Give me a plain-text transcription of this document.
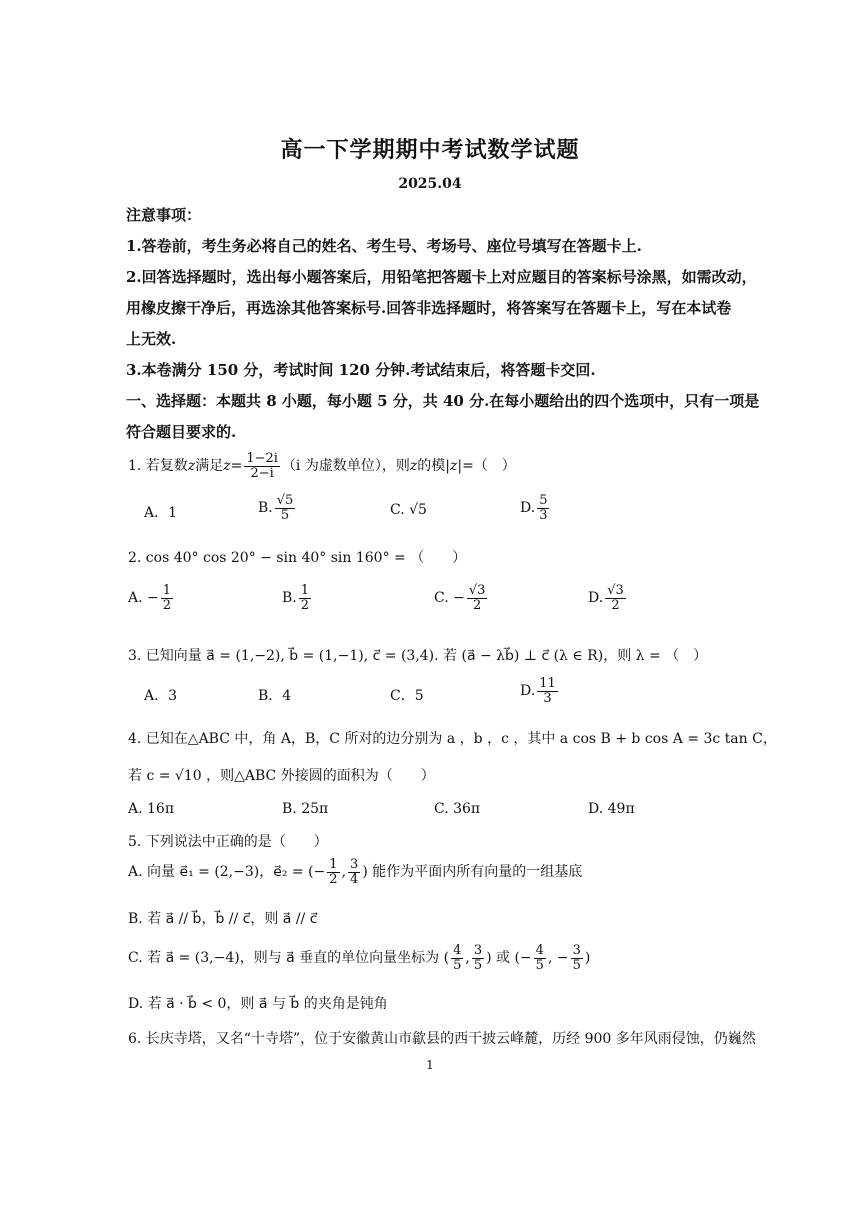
高一下学期期中考试数学试题
2025.04
注意事项：
1.答卷前，考生务必将自己的姓名、考生号、考场号、座位号填写在答题卡上.
2.回答选择题时，选出每小题答案后，用铅笔把答题卡上对应题目的答案标号涂黑，如需改动，
用橡皮擦干净后，再选涂其他答案标号.回答非选择题时，将答案写在答题卡上，写在本试卷
上无效.
3.本卷满分 150 分，考试时间 120 分钟.考试结束后，将答题卡交回.
一、选择题：本题共 8 小题，每小题 5 分，共 40 分.在每小题给出的四个选项中，只有一项是
符合题目要求的.
1. 若复数z满足$z= \frac{1-2i}{2-i} (i$ 为虚数单位），则z的模|z|=（　）
A．1	B. $\frac{√5}{5}$	C. √5	D. $\frac{5}{3}$
2. cos 40° cos 20° − sin 40° sin 160° = （　　）
A. − $\frac{1}{2}$	B. $\frac{1}{2}$	C. − $\frac{√3}{2}$	D. $\frac{√3}{2}$
3. 已知向量 a⃗ = (1,−2), b⃗ = (1,−1), c⃗ = (3,4). 若 (a⃗ − λb⃗) ⊥ c⃗ (λ ∈ R)，则 λ = （　）
A．3	B．4	C．5	D. $\frac{11}{3}$
4. 已知在△ABC 中，角 A，B，C 所对的边分别为 a ，b ，c ，其中 a cos B + b cos A = 3c tan C，
若 c = √10 ，则△ABC 外接圆的面积为（　　）
A. 16π	B. 25π	C. 36π	D. 49π
5. 下列说法中正确的是（　　）
A. 向量 e⃗₁ = (2,−3)，e⃗₂ = (− $\frac{1}{2}$ , $\frac{3}{4}$ ) 能作为平面内所有向量的一组基底
B. 若 a⃗ // b⃗，b⃗ // c⃗，则 a⃗ // c⃗
C. 若 a⃗ = (3,−4)，则与 a⃗ 垂直的单位向量坐标为 ( $\frac{4}{5}$ , $\frac{3}{5}$ ) 或 (− $\frac{4}{5}$ , − $\frac{3}{5}$ )
D. 若 a⃗ · b⃗ < 0，则 a⃗ 与 b⃗ 的夹角是钝角
6. 长庆寺塔，又名“十寺塔”，位于安徽黄山市歙县的西干披云峰麓，历经 900 多年风雨侵蚀，仍巍然
1
